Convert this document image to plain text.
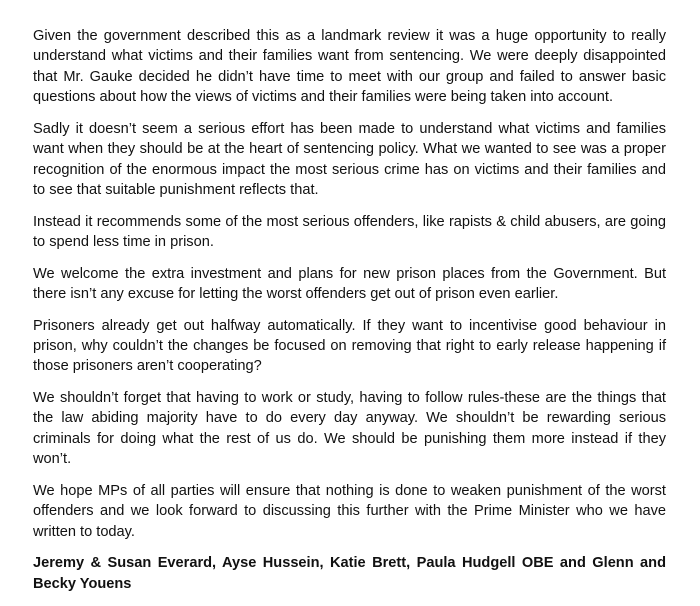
Given the government described this as a landmark review it was a huge opportunity to really understand what victims and their families want from sentencing. We were deeply disappointed that Mr. Gauke decided he didn’t have time to meet with our group and failed to answer basic questions about how the views of victims and their families were being taken into account.

Sadly it doesn’t seem a serious effort has been made to understand what victims and families want when they should be at the heart of sentencing policy. What we wanted to see was a proper recognition of the enormous impact the most serious crime has on victims and their families and to see that suitable punishment reflects that.

Instead it recommends some of the most serious offenders, like rapists & child abusers, are going to spend less time in prison.

We welcome the extra investment and plans for new prison places from the Government. But there isn’t any excuse for letting the worst offenders get out of prison even earlier.

Prisoners already get out halfway automatically. If they want to incentivise good behaviour in prison, why couldn’t the changes be focused on removing that right to early release happening if those prisoners aren’t cooperating?

We shouldn’t forget that having to work or study, having to follow rules-these are the things that the law abiding majority have to do every day anyway. We shouldn’t be rewarding serious criminals for doing what the rest of us do. We should be punishing them more instead if they won’t.

We hope MPs of all parties will ensure that nothing is done to weaken punishment of the worst offenders and we look forward to discussing this further with the Prime Minister who we have written to today.

Jeremy & Susan Everard, Ayse Hussein, Katie Brett, Paula Hudgell OBE and Glenn and Becky Youens
